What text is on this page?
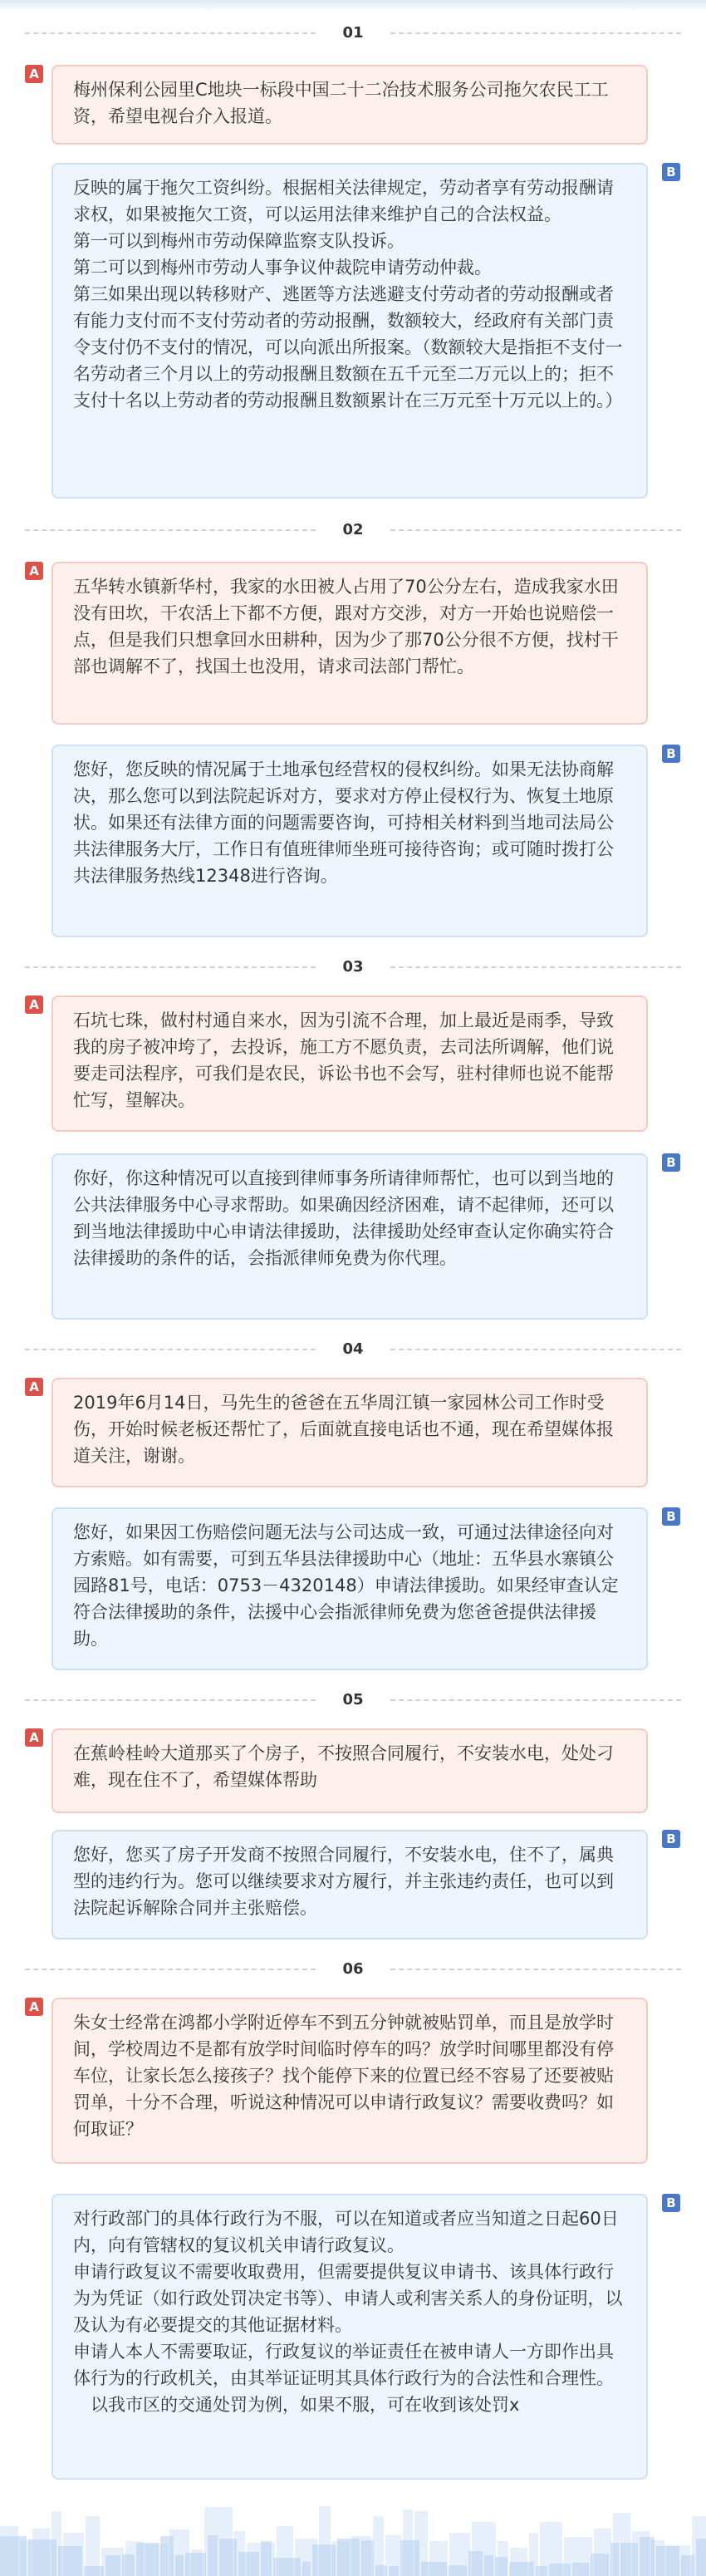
01
A
梅州保利公园里C地块一标段中国二十二冶技术服务公司拖欠农民工工资，希望电视台介入报道。
B

反映的属于拖欠工资纠纷。根据相关法律规定，劳动者享有劳动报酬请求权，如果被拖欠工资，可以运用法律来维护自己的合法权益。

第一可以到梅州市劳动保障监察支队投诉。

第二可以到梅州市劳动人事争议仲裁院申请劳动仲裁。

第三如果出现以转移财产、逃匿等方法逃避支付劳动者的劳动报酬或者有能力支付而不支付劳动者的劳动报酬，数额较大，经政府有关部门责令支付仍不支付的情况，可以向派出所报案。（数额较大是指拒不支付一名劳动者三个月以上的劳动报酬且数额在五千元至二万元以上的；拒不支付十名以上劳动者的劳动报酬且数额累计在三万元至十万元以上的。）

02
A
五华转水镇新华村，我家的水田被人占用了70公分左右，造成我家水田没有田坎，干农活上下都不方便，跟对方交涉，对方一开始也说赔偿一点，但是我们只想拿回水田耕种，因为少了那70公分很不方便，找村干部也调解不了，找国土也没用，请求司法部门帮忙。
B

您好，您反映的情况属于土地承包经营权的侵权纠纷。如果无法协商解决，那么您可以到法院起诉对方，要求对方停止侵权行为、恢复土地原状。如果还有法律方面的问题需要咨询，可持相关材料到当地司法局公共法律服务大厅，工作日有值班律师坐班可接待咨询；或可随时拨打公共法律服务热线12348进行咨询。

03
A
石坑七珠，做村村通自来水，因为引流不合理，加上最近是雨季，导致我的房子被冲垮了，去投诉，施工方不愿负责，去司法所调解，他们说要走司法程序，可我们是农民，诉讼书也不会写，驻村律师也说不能帮忙写，望解决。
B

你好，你这种情况可以直接到律师事务所请律师帮忙，也可以到当地的公共法律服务中心寻求帮助。如果确因经济困难，请不起律师，还可以到当地法律援助中心申请法律援助，法律援助处经审查认定你确实符合法律援助的条件的话，会指派律师免费为你代理。

04
A
2019年6月14日，马先生的爸爸在五华周江镇一家园林公司工作时受伤，开始时候老板还帮忙了，后面就直接电话也不通，现在希望媒体报道关注，谢谢。
B

您好，如果因工伤赔偿问题无法与公司达成一致，可通过法律途径向对方索赔。如有需要，可到五华县法律援助中心（地址：五华县水寨镇公园路81号，电话：0753－4320148）申请法律援助。如果经审查认定符合法律援助的条件，法援中心会指派律师免费为您爸爸提供法律援助。

05
A
在蕉岭桂岭大道那买了个房子，不按照合同履行，不安装水电，处处刁难，现在住不了，希望媒体帮助
B

您好，您买了房子开发商不按照合同履行，不安装水电，住不了，属典型的违约行为。您可以继续要求对方履行，并主张违约责任，也可以到法院起诉解除合同并主张赔偿。

06
A
朱女士经常在鸿都小学附近停车不到五分钟就被贴罚单，而且是放学时间，学校周边不是都有放学时间临时停车的吗？放学时间哪里都没有停车位，让家长怎么接孩子？找个能停下来的位置已经不容易了还要被贴罚单，十分不合理，听说这种情况可以申请行政复议？需要收费吗？如何取证？
B

对行政部门的具体行政行为不服，可以在知道或者应当知道之日起60日内，向有管辖权的复议机关申请行政复议。

申请行政复议不需要收取费用，但需要提供复议申请书、该具体行政行为为凭证（如行政处罚决定书等）、申请人或利害关系人的身份证明，以及认为有必要提交的其他证据材料。

申请人本人不需要取证，行政复议的举证责任在被申请人一方即作出具体行为的行政机关，由其举证证明其具体行政行为的合法性和合理性。

以我市区的交通处罚为例，如果不服，可在收到该处罚x
